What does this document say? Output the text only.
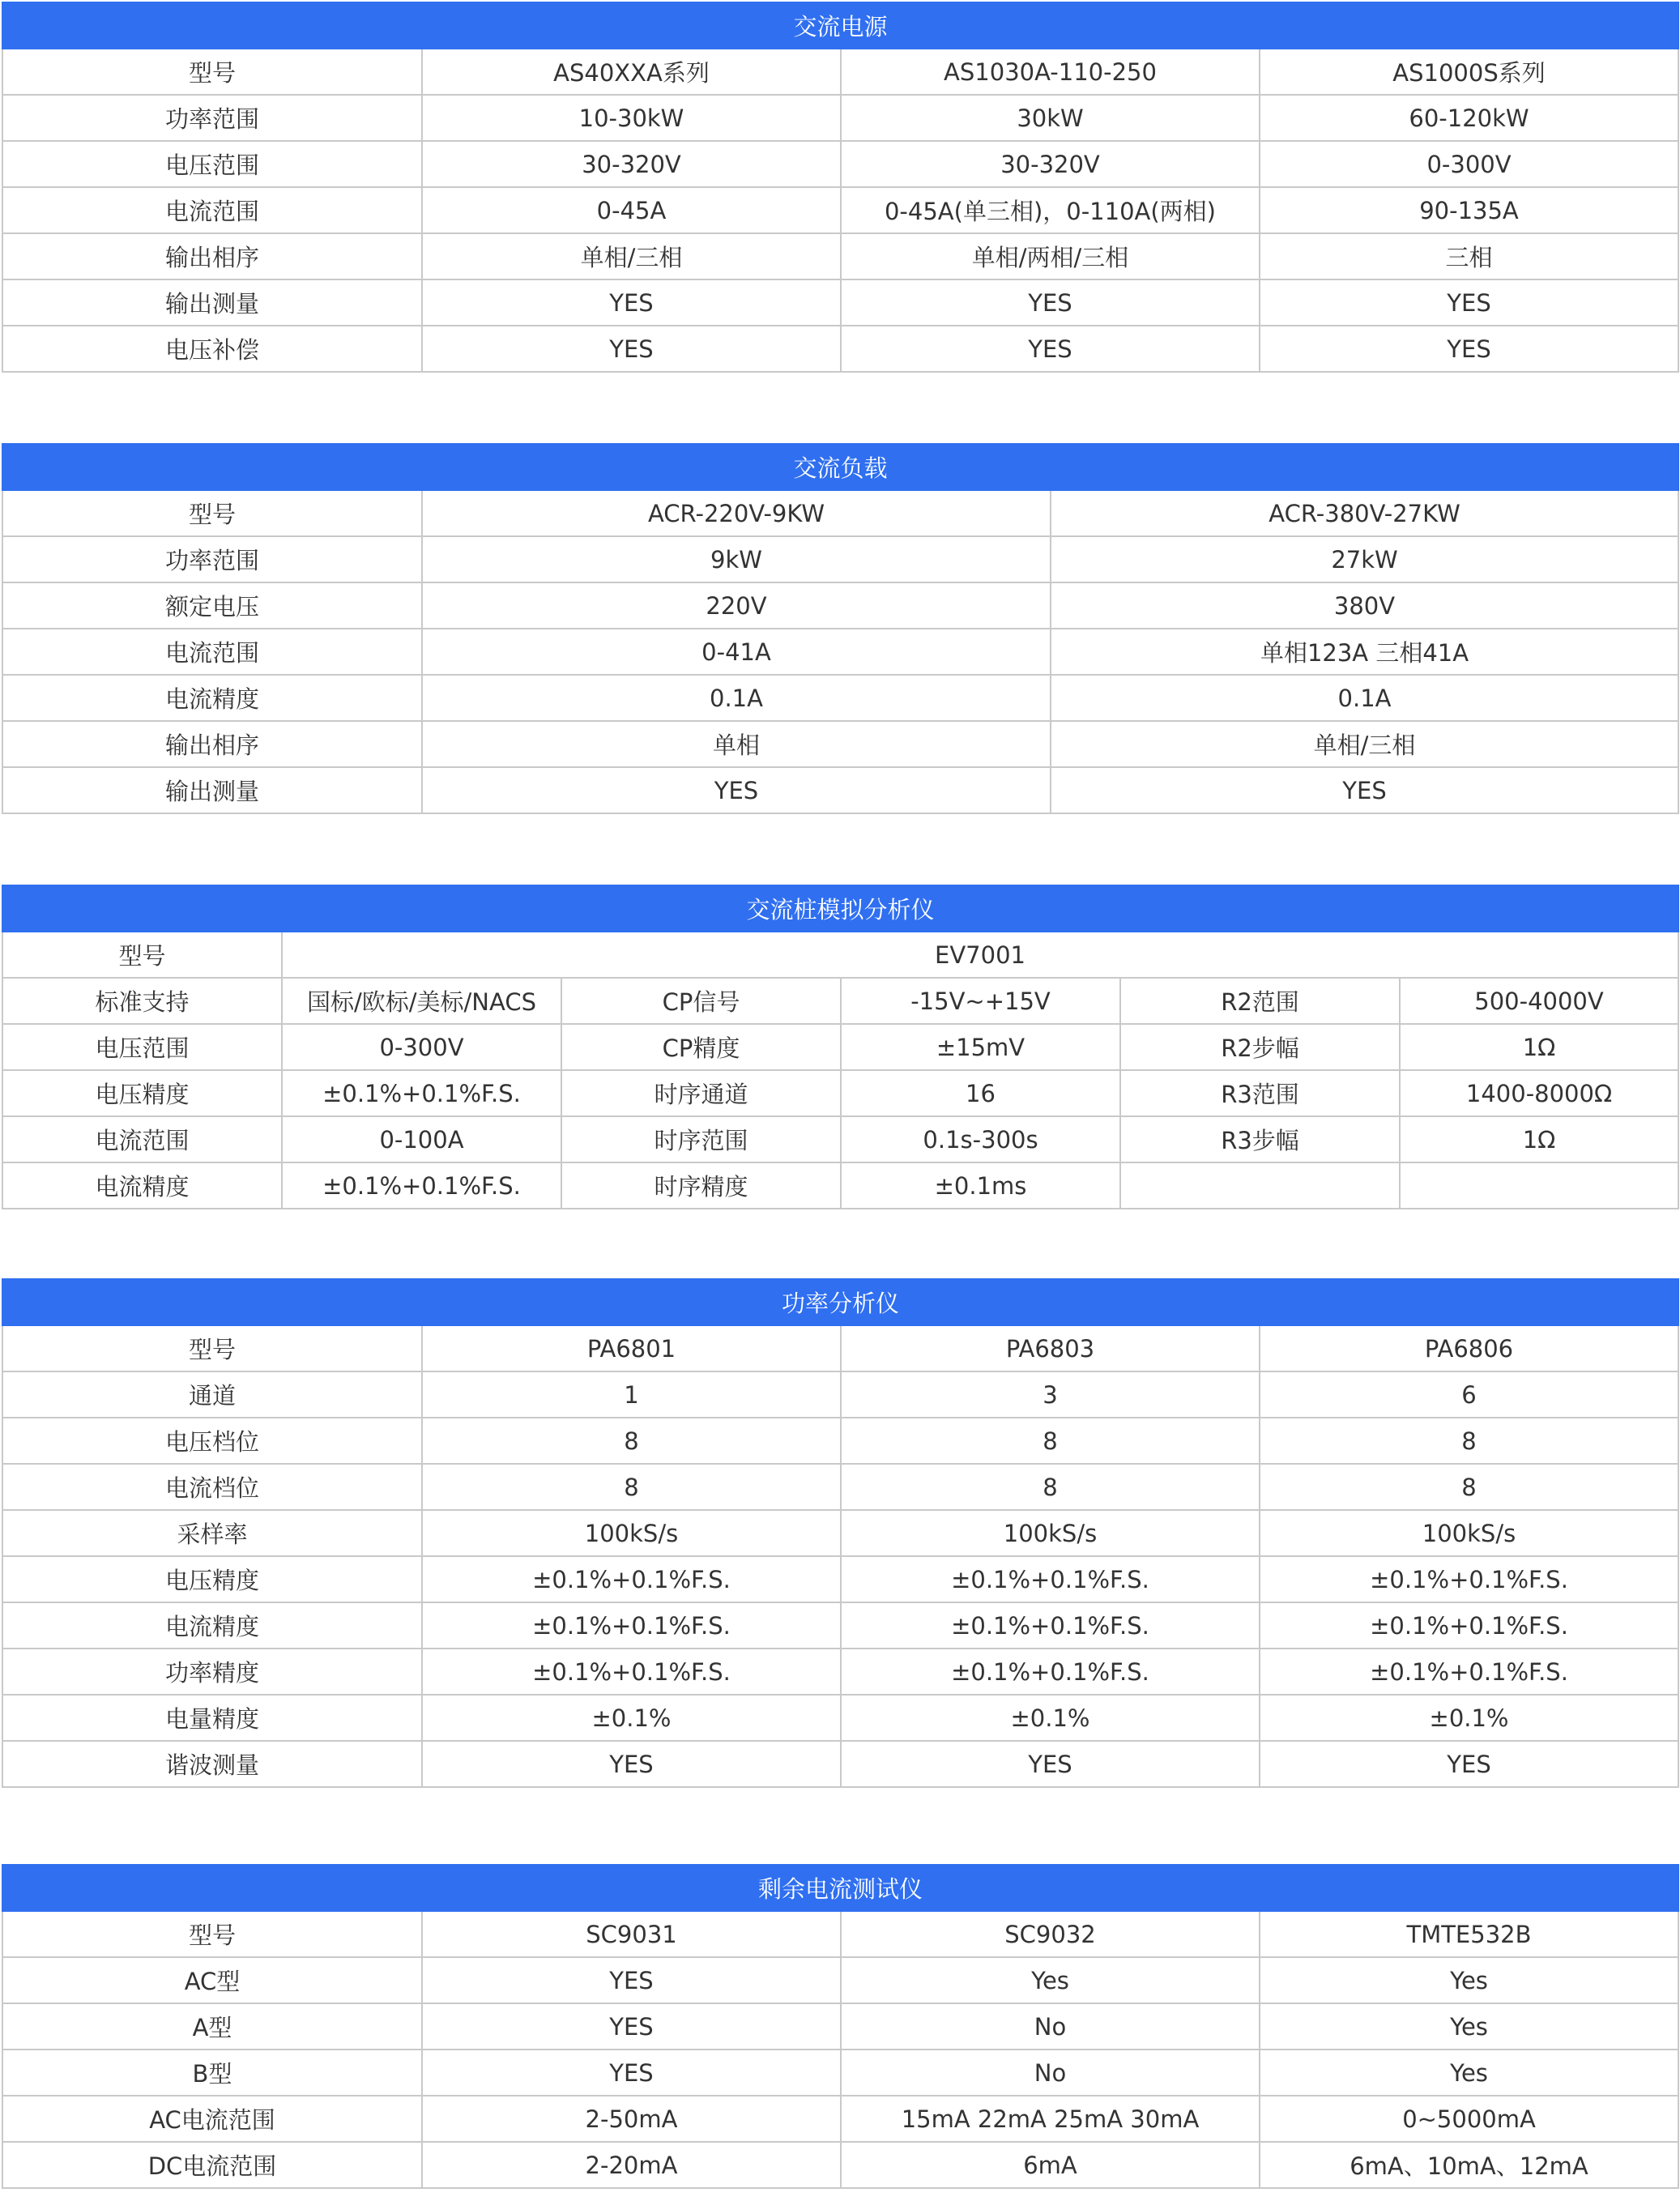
交流电源			
型号	AS40XXA系列	AS1030A-110-250	AS1000S系列
功率范围	10-30kW	30kW	60-120kW
电压范围	30-320V	30-320V	0-300V
电流范围	0-45A	0-45A(单三相)，0-110A(两相)	90-135A
输出相序	单相/三相	单相/两相/三相	三相
输出测量	YES	YES	YES
电压补偿	YES	YES	YES
交流负载		
型号	ACR-220V-9KW	ACR-380V-27KW
功率范围	9kW	27kW
额定电压	220V	380V
电流范围	0-41A	单相123A 三相41A
电流精度	0.1A	0.1A
输出相序	单相	单相/三相
输出测量	YES	YES
交流桩模拟分析仪					
型号	EV7001				
标准支持	国标/欧标/美标/NACS	CP信号	-15V~+15V	R2范围	500-4000V
电压范围	0-300V	CP精度	±15mV	R2步幅	1Ω
电压精度	±0.1%+0.1%F.S.	时序通道	16	R3范围	1400-8000Ω
电流范围	0-100A	时序范围	0.1s-300s	R3步幅	1Ω
电流精度	±0.1%+0.1%F.S.	时序精度	±0.1ms		
功率分析仪			
型号	PA6801	PA6803	PA6806
通道	1	3	6
电压档位	8	8	8
电流档位	8	8	8
采样率	100kS/s	100kS/s	100kS/s
电压精度	±0.1%+0.1%F.S.	±0.1%+0.1%F.S.	±0.1%+0.1%F.S.
电流精度	±0.1%+0.1%F.S.	±0.1%+0.1%F.S.	±0.1%+0.1%F.S.
功率精度	±0.1%+0.1%F.S.	±0.1%+0.1%F.S.	±0.1%+0.1%F.S.
电量精度	±0.1%	±0.1%	±0.1%
谐波测量	YES	YES	YES
剩余电流测试仪			
型号	SC9031	SC9032	TMTE532B
AC型	YES	Yes	Yes
A型	YES	No	Yes
B型	YES	No	Yes
AC电流范围	2-50mA	15mA 22mA 25mA 30mA	0~5000mA
DC电流范围	2-20mA	6mA	6mA、10mA、12mA
